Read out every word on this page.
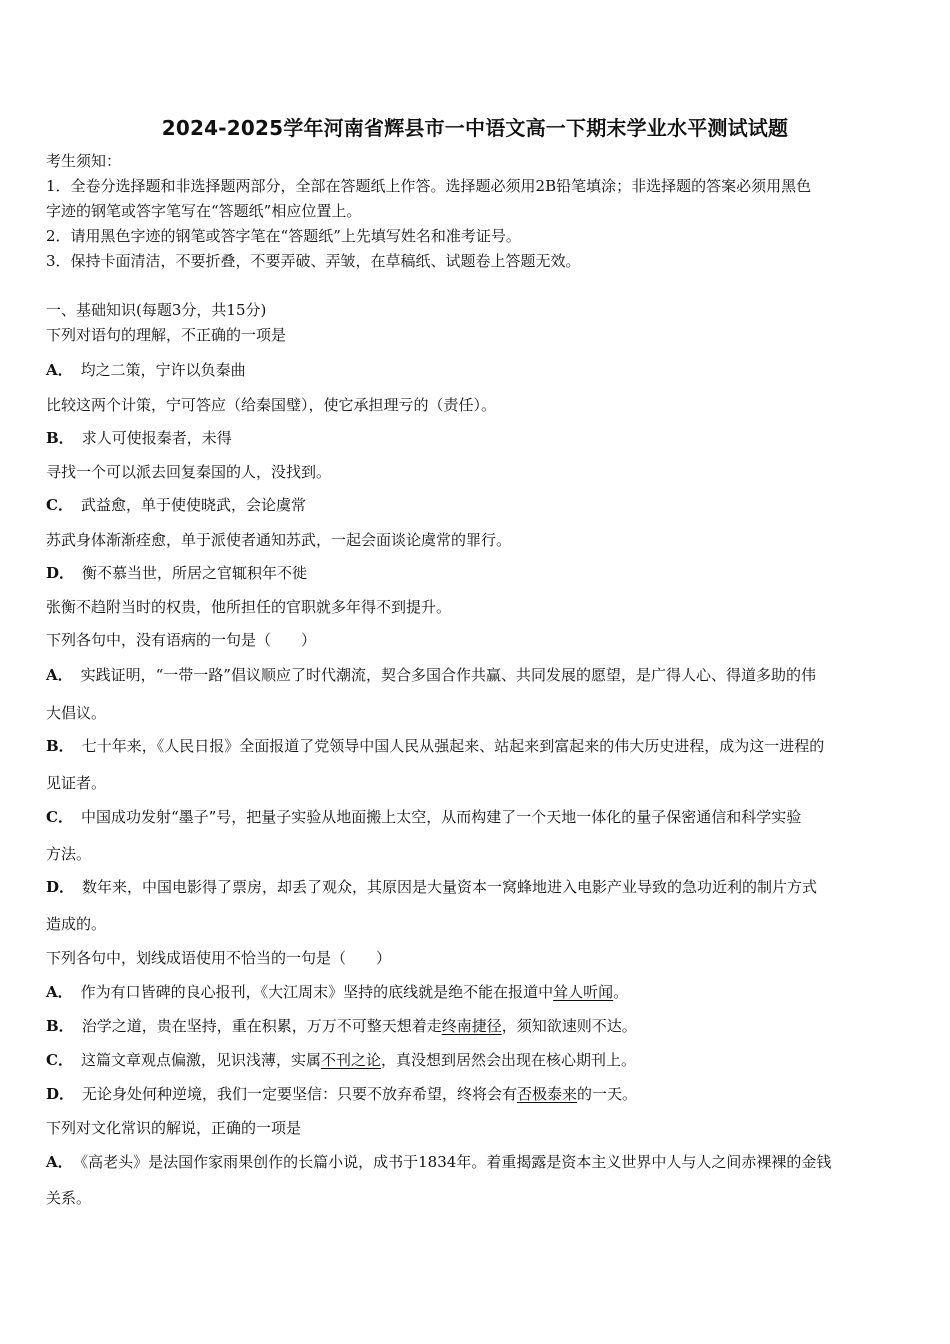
2024-2025学年河南省辉县市一中语文高一下期末学业水平测试试题
考生须知：
1．全卷分选择题和非选择题两部分，全部在答题纸上作答。选择题必须用2B铅笔填涂；非选择题的答案必须用黑色
字迹的钢笔或答字笔写在“答题纸”相应位置上。
2．请用黑色字迹的钢笔或答字笔在“答题纸”上先填写姓名和准考证号。
3．保持卡面清洁，不要折叠，不要弄破、弄皱，在草稿纸、试题卷上答题无效。
一、基础知识(每题3分，共15分)
下列对语句的理解，不正确的一项是
A． 均之二策，宁许以负秦曲
比较这两个计策，宁可答应（给秦国璧），使它承担理亏的（责任）。
B． 求人可使报秦者，未得
寻找一个可以派去回复秦国的人，没找到。
C． 武益愈，单于使使晓武，会论虞常
苏武身体渐渐痊愈，单于派使者通知苏武，一起会面谈论虞常的罪行。
D． 衡不慕当世，所居之官辄积年不徙
张衡不趋附当时的权贵，他所担任的官职就多年得不到提升。
下列各句中，没有语病的一句是（　　）
A． 实践证明，“一带一路”倡议顺应了时代潮流，契合多国合作共赢、共同发展的愿望，是广得人心、得道多助的伟
大倡议。
B． 七十年来，《人民日报》全面报道了党领导中国人民从强起来、站起来到富起来的伟大历史进程，成为这一进程的
见证者。
C． 中国成功发射“墨子”号，把量子实验从地面搬上太空，从而构建了一个天地一体化的量子保密通信和科学实验
方法。
D． 数年来，中国电影得了票房，却丢了观众，其原因是大量资本一窝蜂地进入电影产业导致的急功近利的制片方式
造成的。
下列各句中，划线成语使用不恰当的一句是（　　）
A． 作为有口皆碑的良心报刊，《大江周末》坚持的底线就是绝不能在报道中耸人听闻。
B． 治学之道，贵在坚持，重在积累，万万不可整天想着走终南捷径，须知欲速则不达。
C． 这篇文章观点偏激，见识浅薄，实属不刊之论，真没想到居然会出现在核心期刊上。
D． 无论身处何种逆境，我们一定要坚信：只要不放弃希望，终将会有否极泰来的一天。
下列对文化常识的解说，正确的一项是
A． 《高老头》是法国作家雨果创作的长篇小说，成书于1834年。着重揭露是资本主义世界中人与人之间赤裸裸的金钱
关系。
